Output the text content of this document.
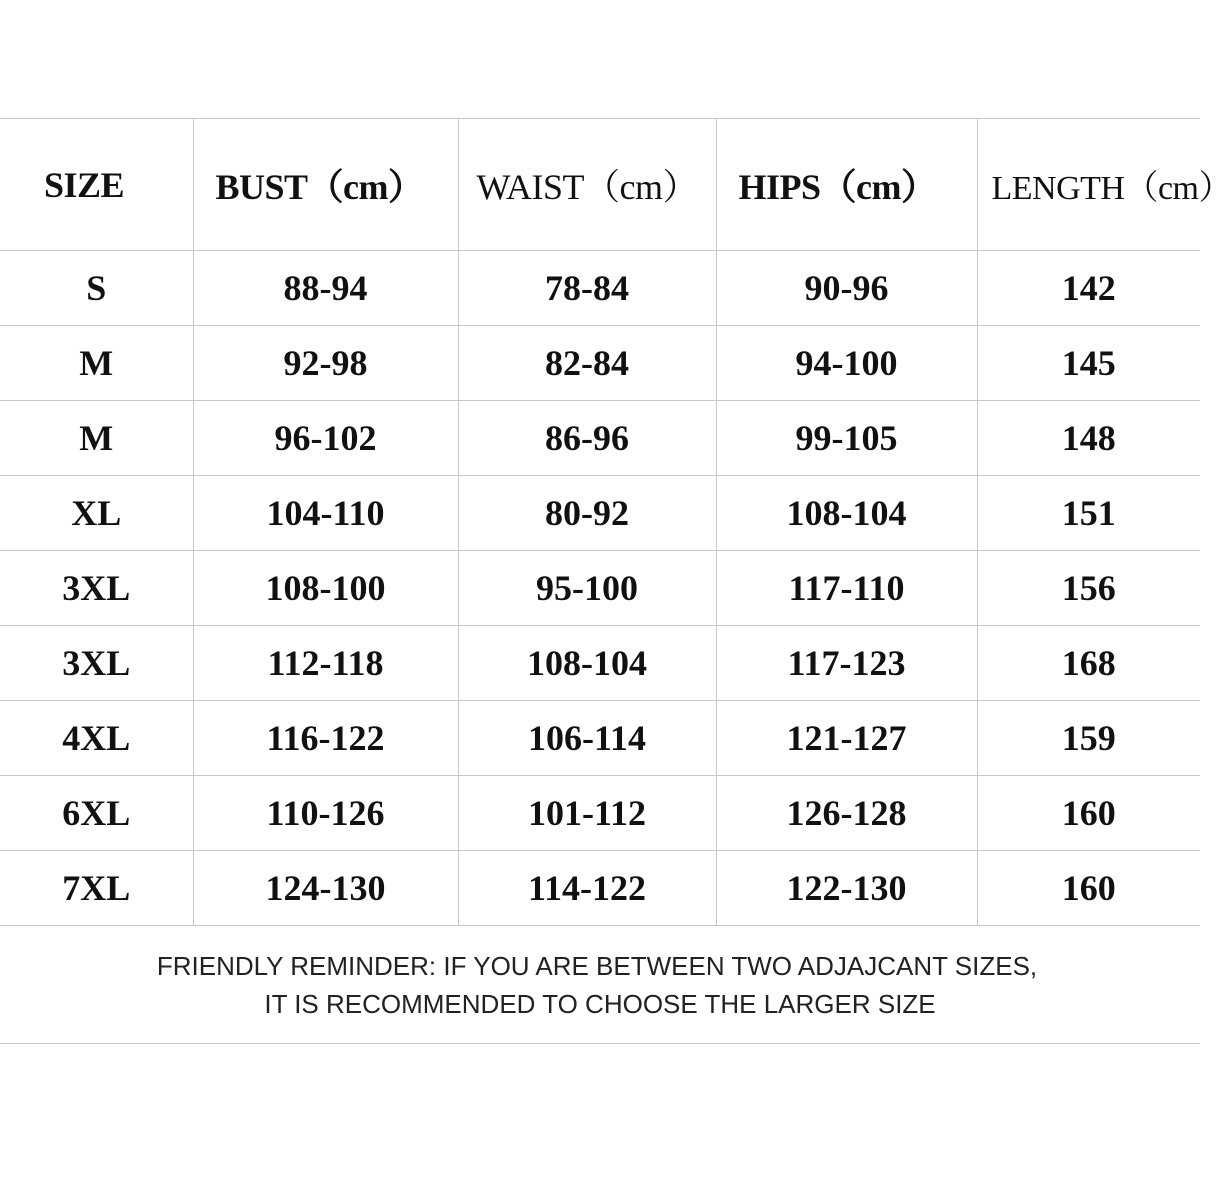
SIZE	BUST（cm）	WAIST（cm）	HIPS（cm）	LENGTH（cm）
S	88-94	78-84	90-96	142
M	92-98	82-84	94-100	145
M	96-102	86-96	99-105	148
XL	104-110	80-92	108-104	151
3XL	108-100	95-100	117-110	156
3XL	112-118	108-104	117-123	168
4XL	116-122	106-114	121-127	159
6XL	110-126	101-112	126-128	160
7XL	124-130	114-122	122-130	160
FRIENDLY REMINDER: IF YOU ARE BETWEEN TWO ADJAJCANT SIZES,
IT IS RECOMMENDED TO CHOOSE THE LARGER SIZE
